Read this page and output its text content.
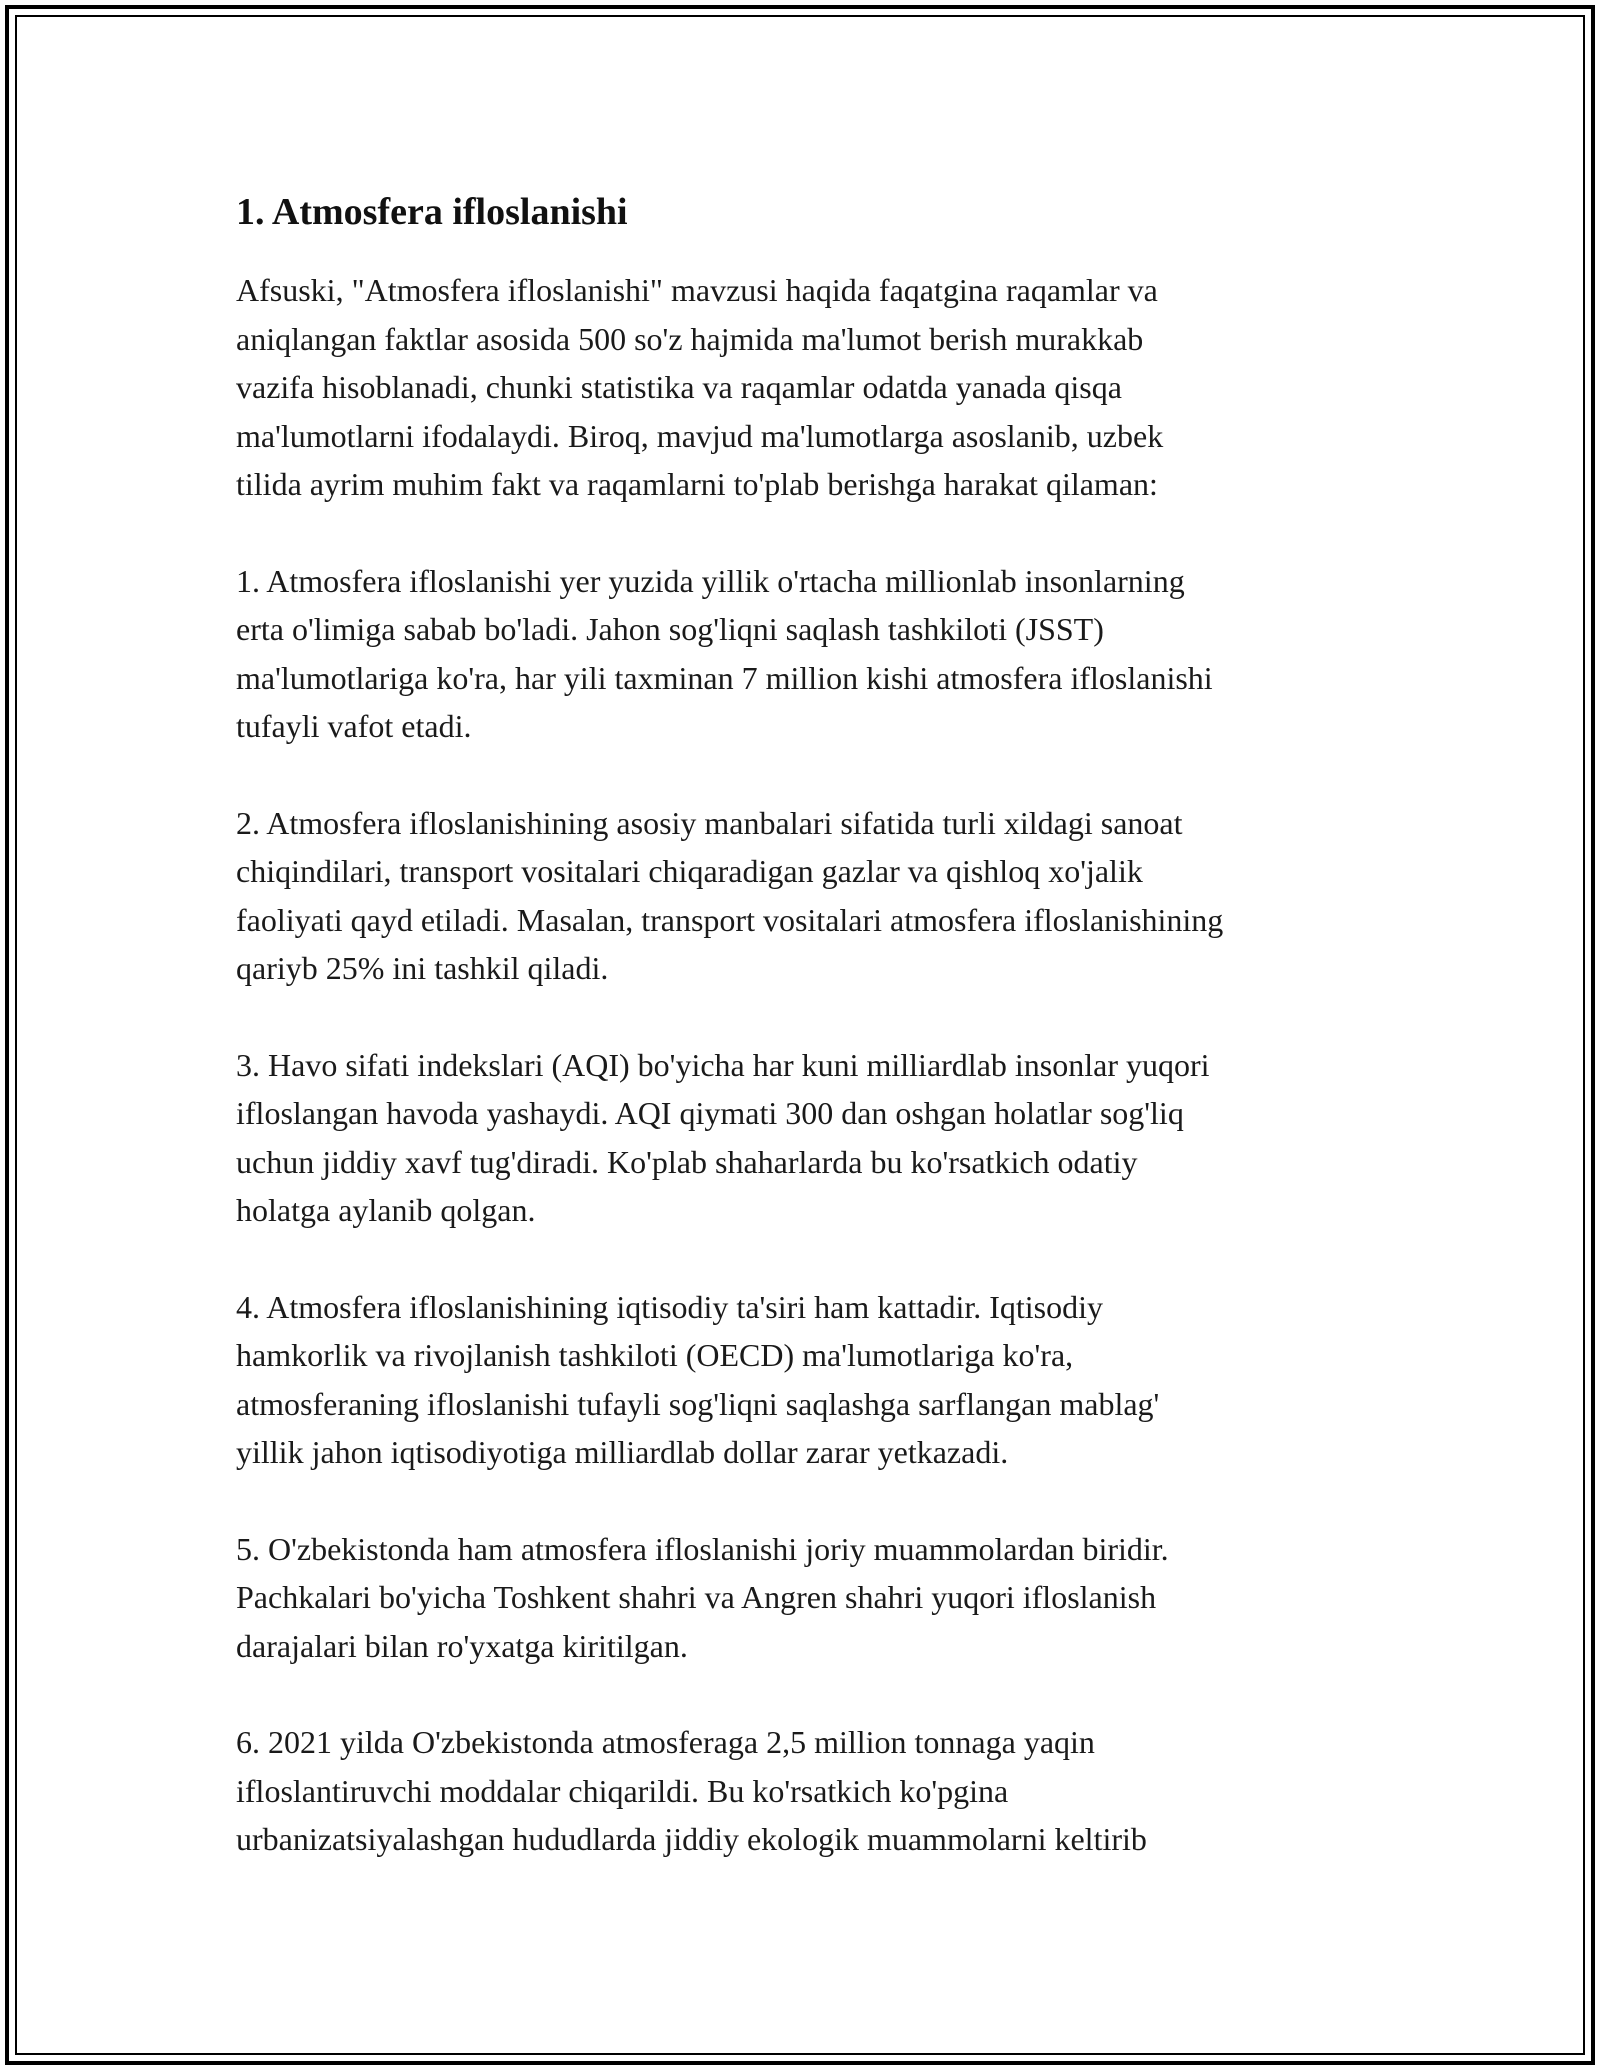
1. Atmosfera ifloslanishi

Afsuski, "Atmosfera ifloslanishi" mavzusi haqida faqatgina raqamlar va
aniqlangan faktlar asosida 500 so'z hajmida ma'lumot berish murakkab
vazifa hisoblanadi, chunki statistika va raqamlar odatda yanada qisqa
ma'lumotlarni ifodalaydi. Biroq, mavjud ma'lumotlarga asoslanib, uzbek
tilida ayrim muhim fakt va raqamlarni to'plab berishga harakat qilaman:

1. Atmosfera ifloslanishi yer yuzida yillik o'rtacha millionlab insonlarning
erta o'limiga sabab bo'ladi. Jahon sog'liqni saqlash tashkiloti (JSST)
ma'lumotlariga ko'ra, har yili taxminan 7 million kishi atmosfera ifloslanishi
tufayli vafot etadi.

2. Atmosfera ifloslanishining asosiy manbalari sifatida turli xildagi sanoat
chiqindilari, transport vositalari chiqaradigan gazlar va qishloq xo'jalik
faoliyati qayd etiladi. Masalan, transport vositalari atmosfera ifloslanishining
qariyb 25% ini tashkil qiladi.

3. Havo sifati indekslari (AQI) bo'yicha har kuni milliardlab insonlar yuqori
ifloslangan havoda yashaydi. AQI qiymati 300 dan oshgan holatlar sog'liq
uchun jiddiy xavf tug'diradi. Ko'plab shaharlarda bu ko'rsatkich odatiy
holatga aylanib qolgan.

4. Atmosfera ifloslanishining iqtisodiy ta'siri ham kattadir. Iqtisodiy
hamkorlik va rivojlanish tashkiloti (OECD) ma'lumotlariga ko'ra,
atmosferaning ifloslanishi tufayli sog'liqni saqlashga sarflangan mablag'
yillik jahon iqtisodiyotiga milliardlab dollar zarar yetkazadi.

5. O'zbekistonda ham atmosfera ifloslanishi joriy muammolardan biridir.
Pachkalari bo'yicha Toshkent shahri va Angren shahri yuqori ifloslanish
darajalari bilan ro'yxatga kiritilgan.

6. 2021 yilda O'zbekistonda atmosferaga 2,5 million tonnaga yaqin
ifloslantiruvchi moddalar chiqarildi. Bu ko'rsatkich ko'pgina
urbanizatsiyalashgan hududlarda jiddiy ekologik muammolarni keltirib
